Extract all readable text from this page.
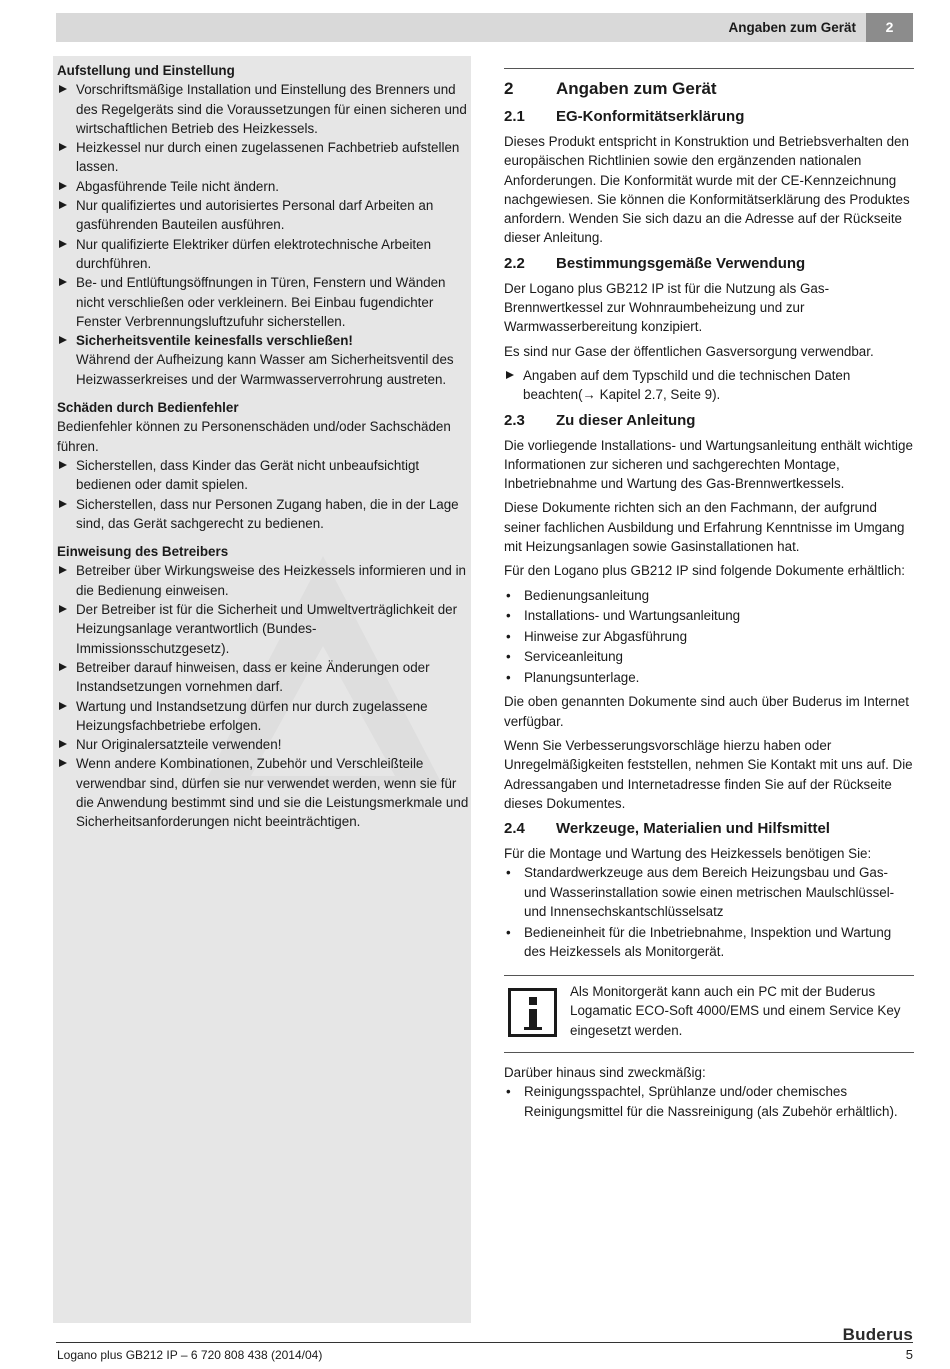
Angaben zum Gerät	2

Aufstellung und Einstellung

Vorschriftsmäßige Installation und Einstellung des Brenners und des Regelgeräts sind die Voraussetzungen für einen sicheren und wirtschaftlichen Betrieb des Heizkessels.
Heizkessel nur durch einen zugelassenen Fachbetrieb aufstellen lassen.
Abgasführende Teile nicht ändern.
Nur qualifiziertes und autorisiertes Personal darf Arbeiten an gasführenden Bauteilen ausführen.
Nur qualifizierte Elektriker dürfen elektrotechnische Arbeiten durchführen.
Be- und Entlüftungsöffnungen in Türen, Fenstern und Wänden nicht verschließen oder verkleinern. Bei Einbau fugendichter Fenster Verbrennungsluftzufuhr sicherstellen.
Sicherheitsventile keinesfalls verschließen!
Während der Aufheizung kann Wasser am Sicherheitsventil des Heizwasserkreises und der Warmwasserverrohrung austreten.

Schäden durch Bedienfehler

Bedienfehler können zu Personenschäden und/oder Sachschäden führen.

Sicherstellen, dass Kinder das Gerät nicht unbeaufsichtigt bedienen oder damit spielen.
Sicherstellen, dass nur Personen Zugang haben, die in der Lage sind, das Gerät sachgerecht zu bedienen.

Einweisung des Betreibers

Betreiber über Wirkungsweise des Heizkessels informieren und in die Bedienung einweisen.
Der Betreiber ist für die Sicherheit und Umweltverträglichkeit der Heizungsanlage verantwortlich (Bundes-Immissionsschutzgesetz).
Betreiber darauf hinweisen, dass er keine Änderungen oder Instandsetzungen vornehmen darf.
Wartung und Instandsetzung dürfen nur durch zugelassene Heizungsfachbetriebe erfolgen.
Nur Originalersatzteile verwenden!
Wenn andere Kombinationen, Zubehör und Verschleißteile verwendbar sind, dürfen sie nur verwendet werden, wenn sie für die Anwendung bestimmt sind und sie die Leistungsmerkmale und Sicherheitsanforderungen nicht beeinträchtigen.

2	Angaben zum Gerät

2.1 EG-Konformitätserklärung

Dieses Produkt entspricht in Konstruktion und Betriebsverhalten den europäischen Richtlinien sowie den ergänzenden nationalen Anforderungen. Die Konformität wurde mit der CE-Kennzeichnung nachgewiesen. Sie können die Konformitätserklärung des Produktes anfordern. Wenden Sie sich dazu an die Adresse auf der Rückseite dieser Anleitung.

2.2 Bestimmungsgemäße Verwendung

Der Logano plus GB212 IP ist für die Nutzung als Gas-Brennwertkessel zur Wohnraumbeheizung und zur Warmwasserbereitung konzipiert.

Es sind nur Gase der öffentlichen Gasversorgung verwendbar.

Angaben auf dem Typschild und die technischen Daten beachten(→ Kapitel 2.7, Seite 9).

2.3 Zu dieser Anleitung

Die vorliegende Installations- und Wartungsanleitung enthält wichtige Informationen zur sicheren und sachgerechten Montage, Inbetriebnahme und Wartung des Gas-Brennwertkessels.

Diese Dokumente richten sich an den Fachmann, der aufgrund seiner fachlichen Ausbildung und Erfahrung Kenntnisse im Umgang mit Heizungsanlagen sowie Gasinstallationen hat.

Für den Logano plus GB212 IP sind folgende Dokumente erhältlich:

• Bedienungsanleitung
• Installations- und Wartungsanleitung
• Hinweise zur Abgasführung
• Serviceanleitung
• Planungsunterlage.

Die oben genannten Dokumente sind auch über Buderus im Internet verfügbar.

Wenn Sie Verbesserungsvorschläge hierzu haben oder Unregelmäßigkeiten feststellen, nehmen Sie Kontakt mit uns auf. Die Adressangaben und Internetadresse finden Sie auf der Rückseite dieses Dokumentes.

2.4 Werkzeuge, Materialien und Hilfsmittel

Für die Montage und Wartung des Heizkessels benötigen Sie:

• Standardwerkzeuge aus dem Bereich Heizungsbau und Gas- und Wasserinstallation sowie einen metrischen Maulschlüssel- und Innensechskantschlüsselsatz
• Bedieneinheit für die Inbetriebnahme, Inspektion und Wartung des Heizkessels als Monitorgerät.
Als Monitorgerät kann auch ein PC mit der Buderus Logamatic ECO-Soft 4000/EMS und einem Service Key eingesetzt werden.

Darüber hinaus sind zweckmäßig:

• Reinigungsspachtel, Sprühlanze und/oder chemisches Reinigungsmittel für die Nassreinigung (als Zubehör erhältlich).
Buderus
Logano plus GB212 IP – 6 720 808 438 (2014/04)	5
